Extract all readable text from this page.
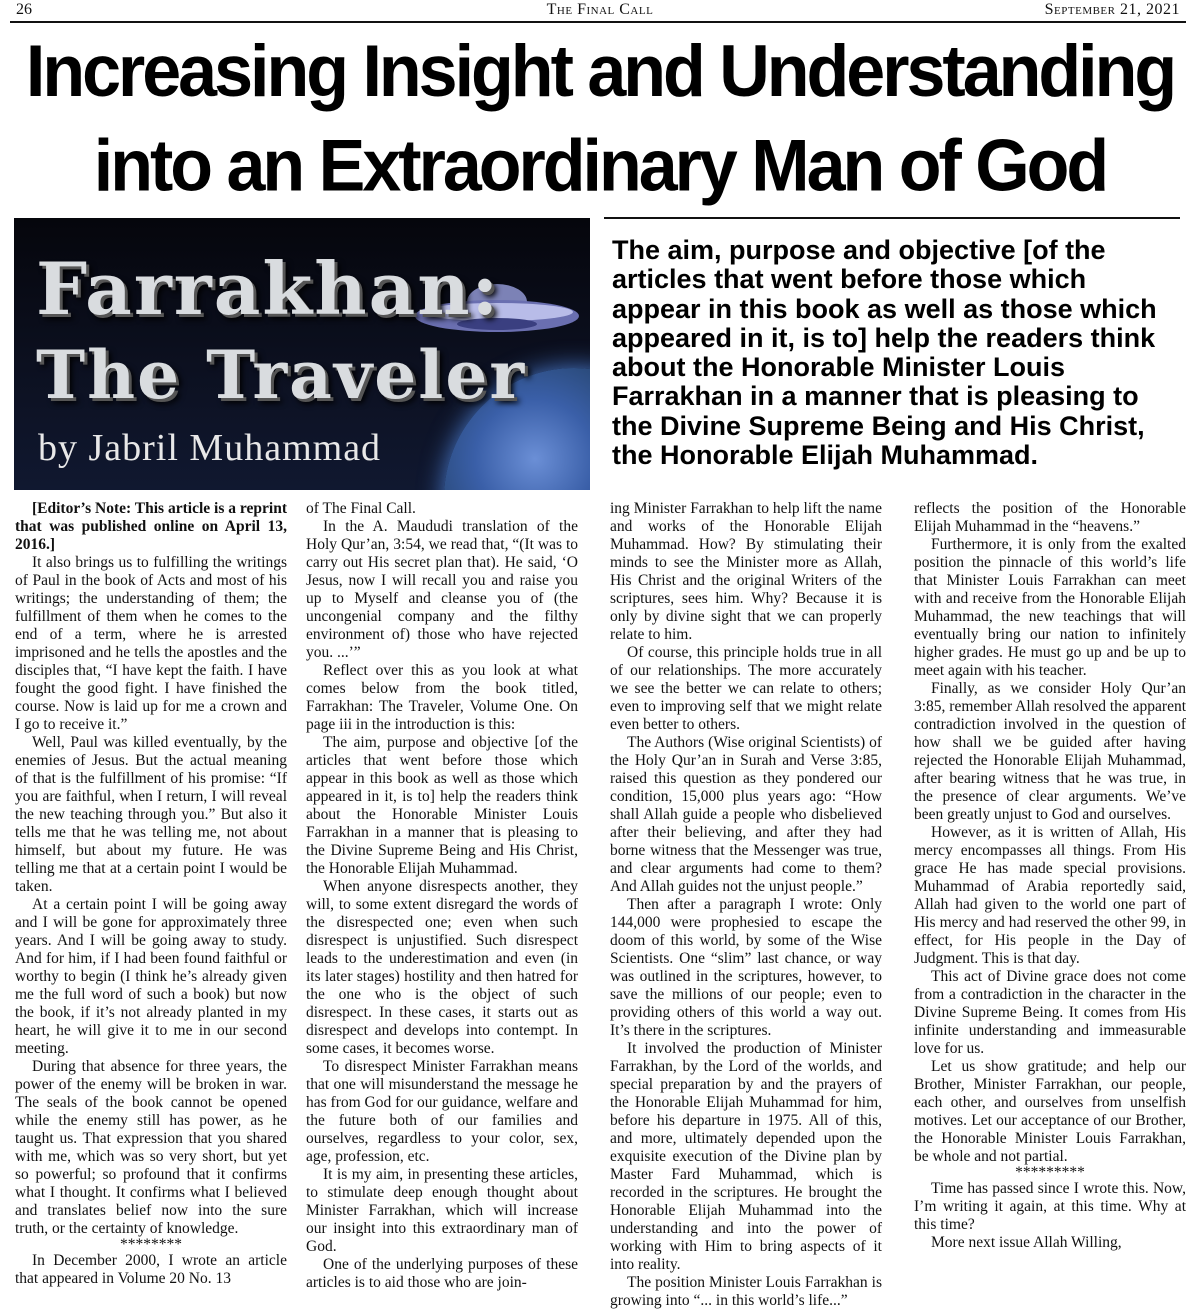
26	The Final Call	September 21, 2021
Increasing Insight and Understanding
into an Extraordinary Man of God
Farrakhan:
The Traveler
by Jabril Muhammad
The aim, purpose and objective [of the articles that went before those which appear in this book as well as those which appeared in it, is to] help the readers think about the Honorable Minister Louis Farrakhan in a manner that is pleasing to the Divine Supreme Being and His Christ, the Honorable Elijah Muhammad.

[Editor’s Note: This article is a reprint that was published online on April 13, 2016.]

It also brings us to fulfilling the writings of Paul in the book of Acts and most of his writings; the understanding of them; the fulfillment of them when he comes to the end of a term, where he is arrested imprisoned and he tells the apostles and the disciples that, “I have kept the faith. I have fought the good fight. I have finished the course. Now is laid up for me a crown and I go to receive it.”

Well, Paul was killed eventually, by the enemies of Jesus. But the actual meaning of that is the fulfillment of his promise: “If you are faithful, when I return, I will reveal the new teaching through you.” But also it tells me that he was telling me, not about himself, but about my future. He was telling me that at a certain point I would be taken.

At a certain point I will be going away and I will be gone for approximately three years. And I will be going away to study. And for him, if I had been found faithful or worthy to begin (I think he’s already given me the full word of such a book) but now the book, if it’s not already planted in my heart, he will give it to me in our second meeting.

During that absence for three years, the power of the enemy will be broken in war. The seals of the book cannot be opened while the enemy still has power, as he taught us. That expression that you shared with me, which was so very short, but yet so powerful; so profound that it confirms what I thought. It confirms what I believed and translates belief now into the sure truth, or the certainty of knowledge.

********

In December 2000, I wrote an article that appeared in Volume 20 No. 13

of The Final Call.

In the A. Maududi translation of the Holy Qur’an, 3:54, we read that, “(It was to carry out His secret plan that). He said, ‘O Jesus, now I will recall you and raise you up to Myself and cleanse you of (the uncongenial company and the filthy environment of) those who have rejected you. ...’”

Reflect over this as you look at what comes below from the book titled, Farrakhan: The Traveler, Volume One. On page iii in the introduction is this:

The aim, purpose and objective [of the articles that went before those which appear in this book as well as those which appeared in it, is to] help the readers think about the Honorable Minister Louis Farrakhan in a manner that is pleasing to the Divine Supreme Being and His Christ, the Honorable Elijah Muhammad.

When anyone disrespects another, they will, to some extent disregard the words of the disrespected one; even when such disrespect is unjustified. Such disrespect leads to the underestimation and even (in its later stages) hostility and then hatred for the one who is the object of such disrespect. In these cases, it starts out as disrespect and develops into contempt. In some cases, it becomes worse.

To disrespect Minister Farrakhan means that one will misunderstand the message he has from God for our guidance, welfare and the future both of our families and ourselves, regardless to your color, sex, age, profession, etc.

It is my aim, in presenting these articles, to stimulate deep enough thought about Minister Farrakhan, which will increase our insight into this extraordinary man of God.

One of the underlying purposes of these articles is to aid those who are join-

ing Minister Farrakhan to help lift the name and works of the Honorable Elijah Muhammad. How? By stimulating their minds to see the Minister more as Allah, His Christ and the original Writers of the scriptures, sees him. Why? Because it is only by divine sight that we can properly relate to him.

Of course, this principle holds true in all of our relationships. The more accurately we see the better we can relate to others; even to improving self that we might relate even better to others.

The Authors (Wise original Scientists) of the Holy Qur’an in Surah and Verse 3:85, raised this question as they pondered our condition, 15,000 plus years ago: “How shall Allah guide a people who disbelieved after their believing, and after they had borne witness that the Messenger was true, and clear arguments had come to them? And Allah guides not the unjust people.”

Then after a paragraph I wrote: Only 144,000 were prophesied to escape the doom of this world, by some of the Wise Scientists. One “slim” last chance, or way was outlined in the scriptures, however, to save the millions of our people; even to providing others of this world a way out. It’s there in the scriptures.

It involved the production of Minister Farrakhan, by the Lord of the worlds, and special preparation by and the prayers of the Honorable Elijah Muhammad for him, before his departure in 1975. All of this, and more, ultimately depended upon the exquisite execution of the Divine plan by Master Fard Muhammad, which is recorded in the scriptures. He brought the Honorable Elijah Muhammad into the understanding and into the power of working with Him to bring aspects of it into reality.

The position Minister Louis Farrakhan is growing into “... in this world’s life...”

reflects the position of the Honorable Elijah Muhammad in the “heavens.”

Furthermore, it is only from the exalted position the pinnacle of this world’s life that Minister Louis Farrakhan can meet with and receive from the Honorable Elijah Muhammad, the new teachings that will eventually bring our nation to infinitely higher grades. He must go up and be up to meet again with his teacher.

Finally, as we consider Holy Qur’an 3:85, remember Allah resolved the apparent contradiction involved in the question of how shall we be guided after having rejected the Honorable Elijah Muhammad, after bearing witness that he was true, in the presence of clear arguments. We’ve been greatly unjust to God and ourselves.

However, as it is written of Allah, His mercy encompasses all things. From His grace He has made special provisions. Muhammad of Arabia reportedly said, Allah had given to the world one part of His mercy and had reserved the other 99, in effect, for His people in the Day of Judgment. This is that day.

This act of Divine grace does not come from a contradiction in the character in the Divine Supreme Being. It comes from His infinite understanding and immeasurable love for us.

Let us show gratitude; and help our Brother, Minister Farrakhan, our people, each other, and ourselves from unselfish motives. Let our acceptance of our Brother, the Honorable Minister Louis Farrakhan, be whole and not partial.

*********

Time has passed since I wrote this. Now, I’m writing it again, at this time. Why at this time?

More next issue Allah Willing,
